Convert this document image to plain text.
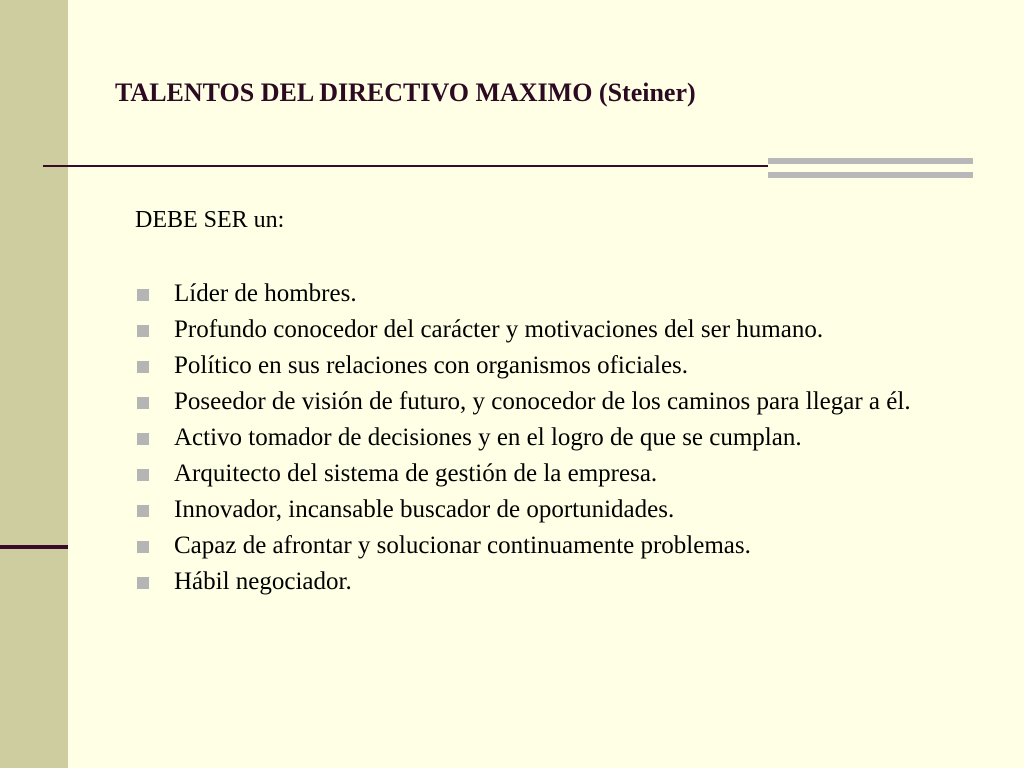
TALENTOS DEL DIRECTIVO MAXIMO (Steiner)
DEBE SER un:
Líder de hombres.
Profundo conocedor del carácter y motivaciones del ser humano.
Político en sus relaciones con organismos oficiales.
Poseedor de visión de futuro, y conocedor de los caminos para llegar a él.
Activo tomador de decisiones y en el logro de que se cumplan.
Arquitecto del sistema de gestión de la empresa.
Innovador, incansable buscador de oportunidades.
Capaz de afrontar y solucionar continuamente problemas.
Hábil negociador.
